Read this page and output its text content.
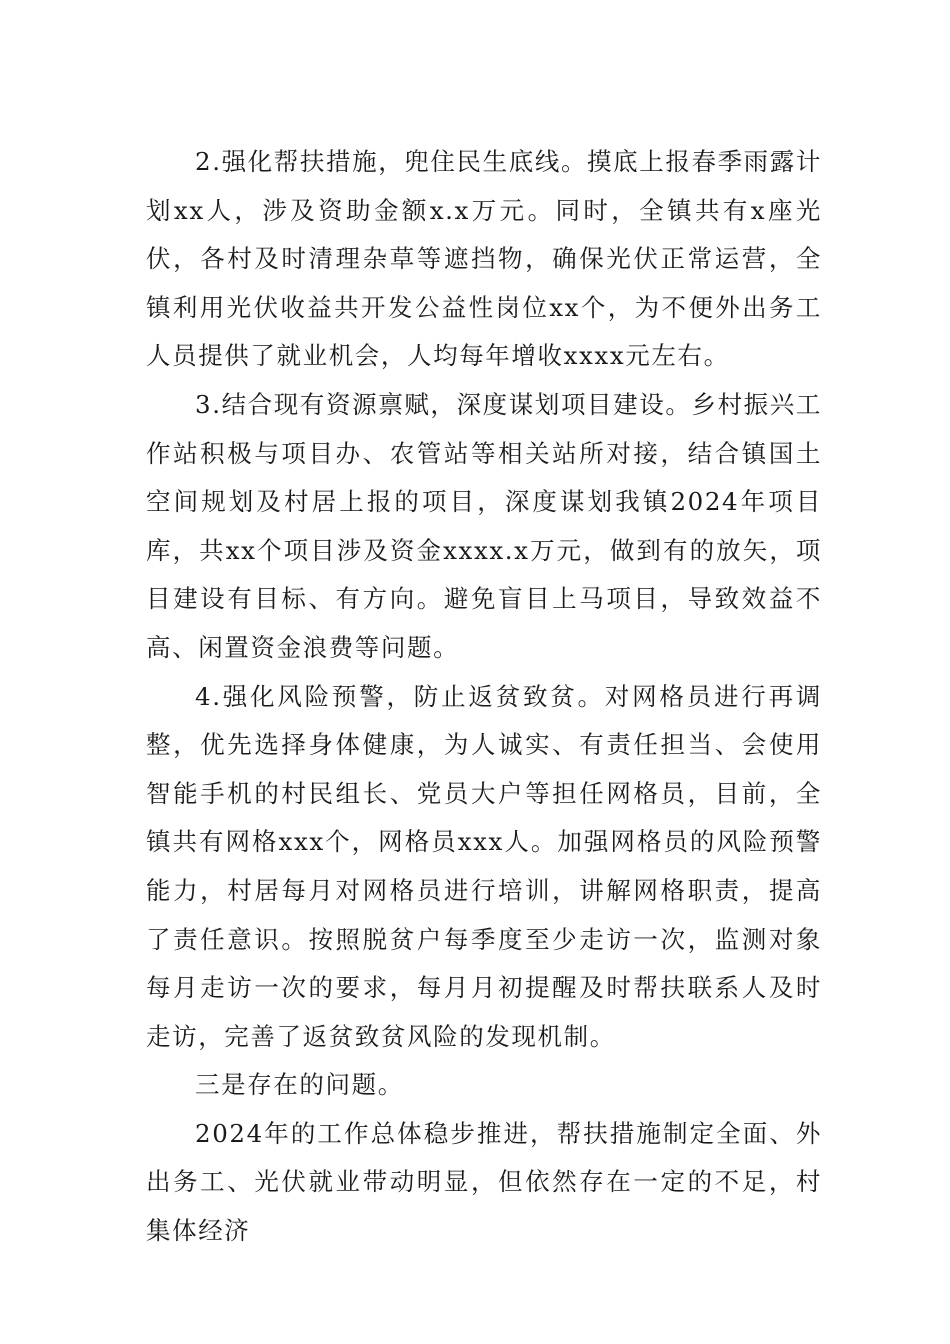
2.强化帮扶措施，兜住民生底线。摸底上报春季雨露计划xx人，涉及资助金额x.x万元。同时，全镇共有x座光伏，各村及时清理杂草等遮挡物，确保光伏正常运营，全镇利用光伏收益共开发公益性岗位xx个，为不便外出务工人员提供了就业机会，人均每年增收xxxx元左右。

3.结合现有资源禀赋，深度谋划项目建设。乡村振兴工作站积极与项目办、农管站等相关站所对接，结合镇国土空间规划及村居上报的项目，深度谋划我镇2024年项目库，共xx个项目涉及资金xxxx.x万元，做到有的放矢，项目建设有目标、有方向。避免盲目上马项目，导致效益不高、闲置资金浪费等问题。

4.强化风险预警，防止返贫致贫。对网格员进行再调整，优先选择身体健康，为人诚实、有责任担当、会使用智能手机的村民组长、党员大户等担任网格员，目前，全镇共有网格xxx个，网格员xxx人。加强网格员的风险预警能力，村居每月对网格员进行培训，讲解网格职责，提高了责任意识。按照脱贫户每季度至少走访一次，监测对象每月走访一次的要求，每月月初提醒及时帮扶联系人及时走访，完善了返贫致贫风险的发现机制。

三是存在的问题。

2024年的工作总体稳步推进，帮扶措施制定全面、外出务工、光伏就业带动明显，但依然存在一定的不足，村集体经济
